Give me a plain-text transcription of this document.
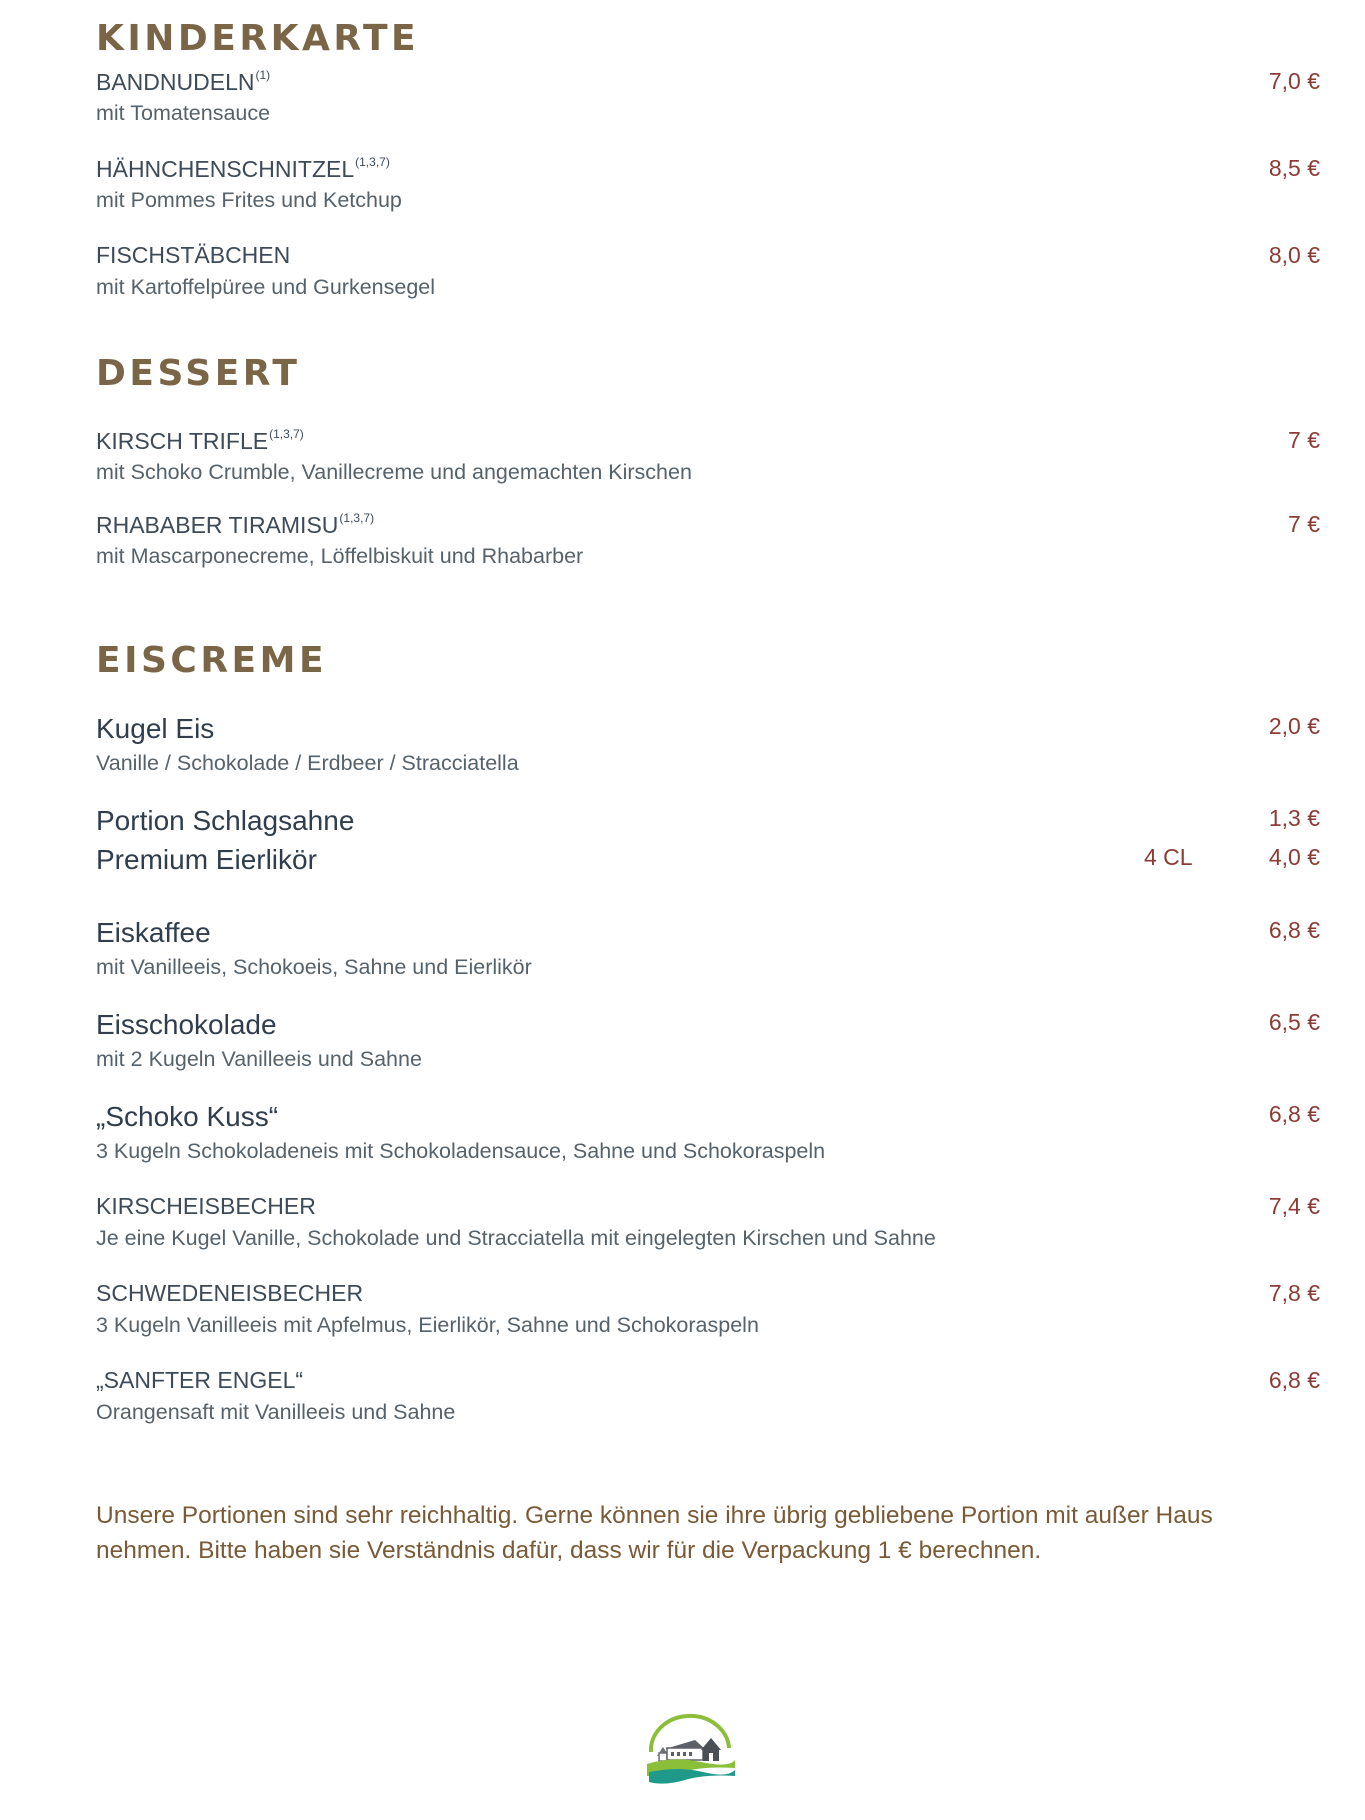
KINDERKARTE
BANDNUDELN$^{(1)}$	7,0 €
mit Tomatensauce
HÄHNCHENSCHNITZEL$^{(1,3,7)}$	8,5 €
mit Pommes Frites und Ketchup
FISCHSTÄBCHEN	8,0 €
mit Kartoffelpüree und Gurkensegel
DESSERT
KIRSCH TRIFLE$^{(1,3,7)}$	7 €
mit Schoko Crumble, Vanillecreme und angemachten Kirschen
RHABABER TIRAMISU$^{(1,3,7)}$	7 €
mit Mascarponecreme, Löffelbiskuit und Rhabarber
EISCREME
Kugel Eis	2,0 €
Vanille / Schokolade / Erdbeer / Stracciatella
Portion Schlagsahne	1,3 €
Premium Eierlikör	4 CL	4,0 €
Eiskaffee	6,8 €
mit Vanilleeis, Schokoeis, Sahne und Eierlikör
Eisschokolade	6,5 €
mit 2 Kugeln Vanilleeis und Sahne
„Schoko Kuss“	6,8 €
3 Kugeln Schokoladeneis mit Schokoladensauce, Sahne und Schokoraspeln
KIRSCHEISBECHER	7,4 €
Je eine Kugel Vanille, Schokolade und Stracciatella mit eingelegten Kirschen und Sahne
SCHWEDENEISBECHER	7,8 €
3 Kugeln Vanilleeis mit Apfelmus, Eierlikör, Sahne und Schokoraspeln
„SANFTER ENGEL“	6,8 €
Orangensaft mit Vanilleeis und Sahne
Unsere Portionen sind sehr reichhaltig. Gerne können sie ihre übrig gebliebene Portion mit außer Haus nehmen. Bitte haben sie Verständnis dafür, dass wir für die Verpackung 1 € berechnen.
